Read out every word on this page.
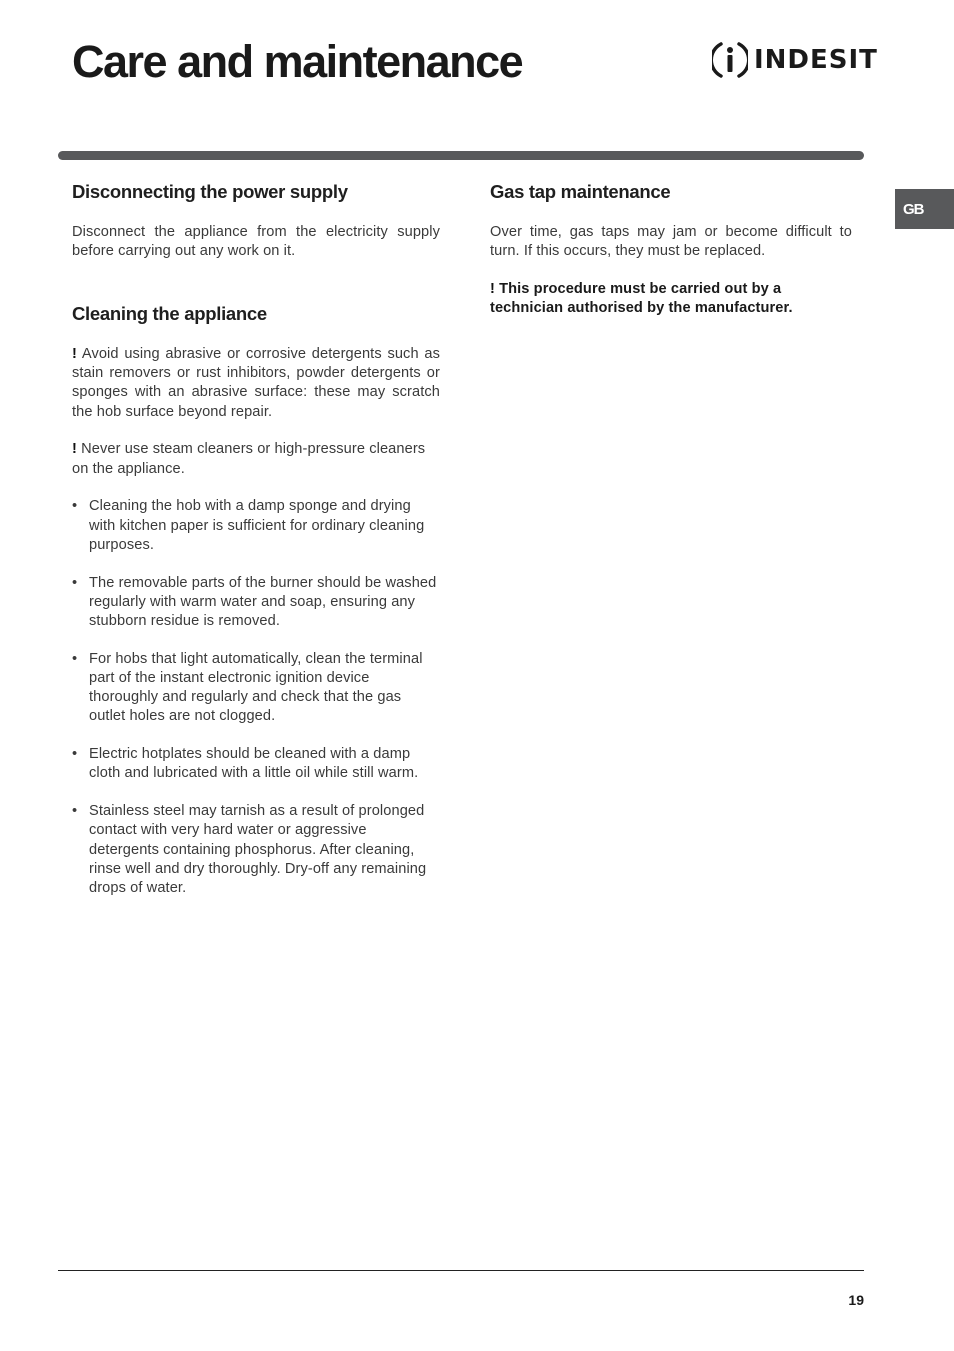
Care and maintenance	INDESIT
GB
Disconnecting the power supply

Disconnect the appliance from the electricity supply before carrying out any work on it.

Cleaning the appliance

! Avoid using abrasive or corrosive detergents such as stain removers or rust inhibitors, powder detergents or sponges with an abrasive surface: these may scratch the hob surface beyond repair.

! Never use steam cleaners or high-pressure cleaners on the appliance.

• Cleaning the hob with a damp sponge and drying with kitchen paper is sufficient for ordinary cleaning purposes.
• The removable parts of the burner should be washed regularly with warm water and soap, ensuring any stubborn residue is removed.
• For hobs that light automatically, clean the terminal part of the instant electronic ignition device thoroughly and regularly and check that the gas outlet holes are not clogged.
• Electric hotplates should be cleaned with a damp cloth and lubricated with a little oil while still warm.
• Stainless steel may tarnish as a result of prolonged contact with very hard water or aggressive detergents containing phosphorus. After cleaning, rinse well and dry thoroughly. Dry-off any remaining drops of water.
Gas tap maintenance

Over time, gas taps may jam or become difficult to turn. If this occurs, they must be replaced.

! This procedure must be carried out by a technician authorised by the manufacturer.

19
